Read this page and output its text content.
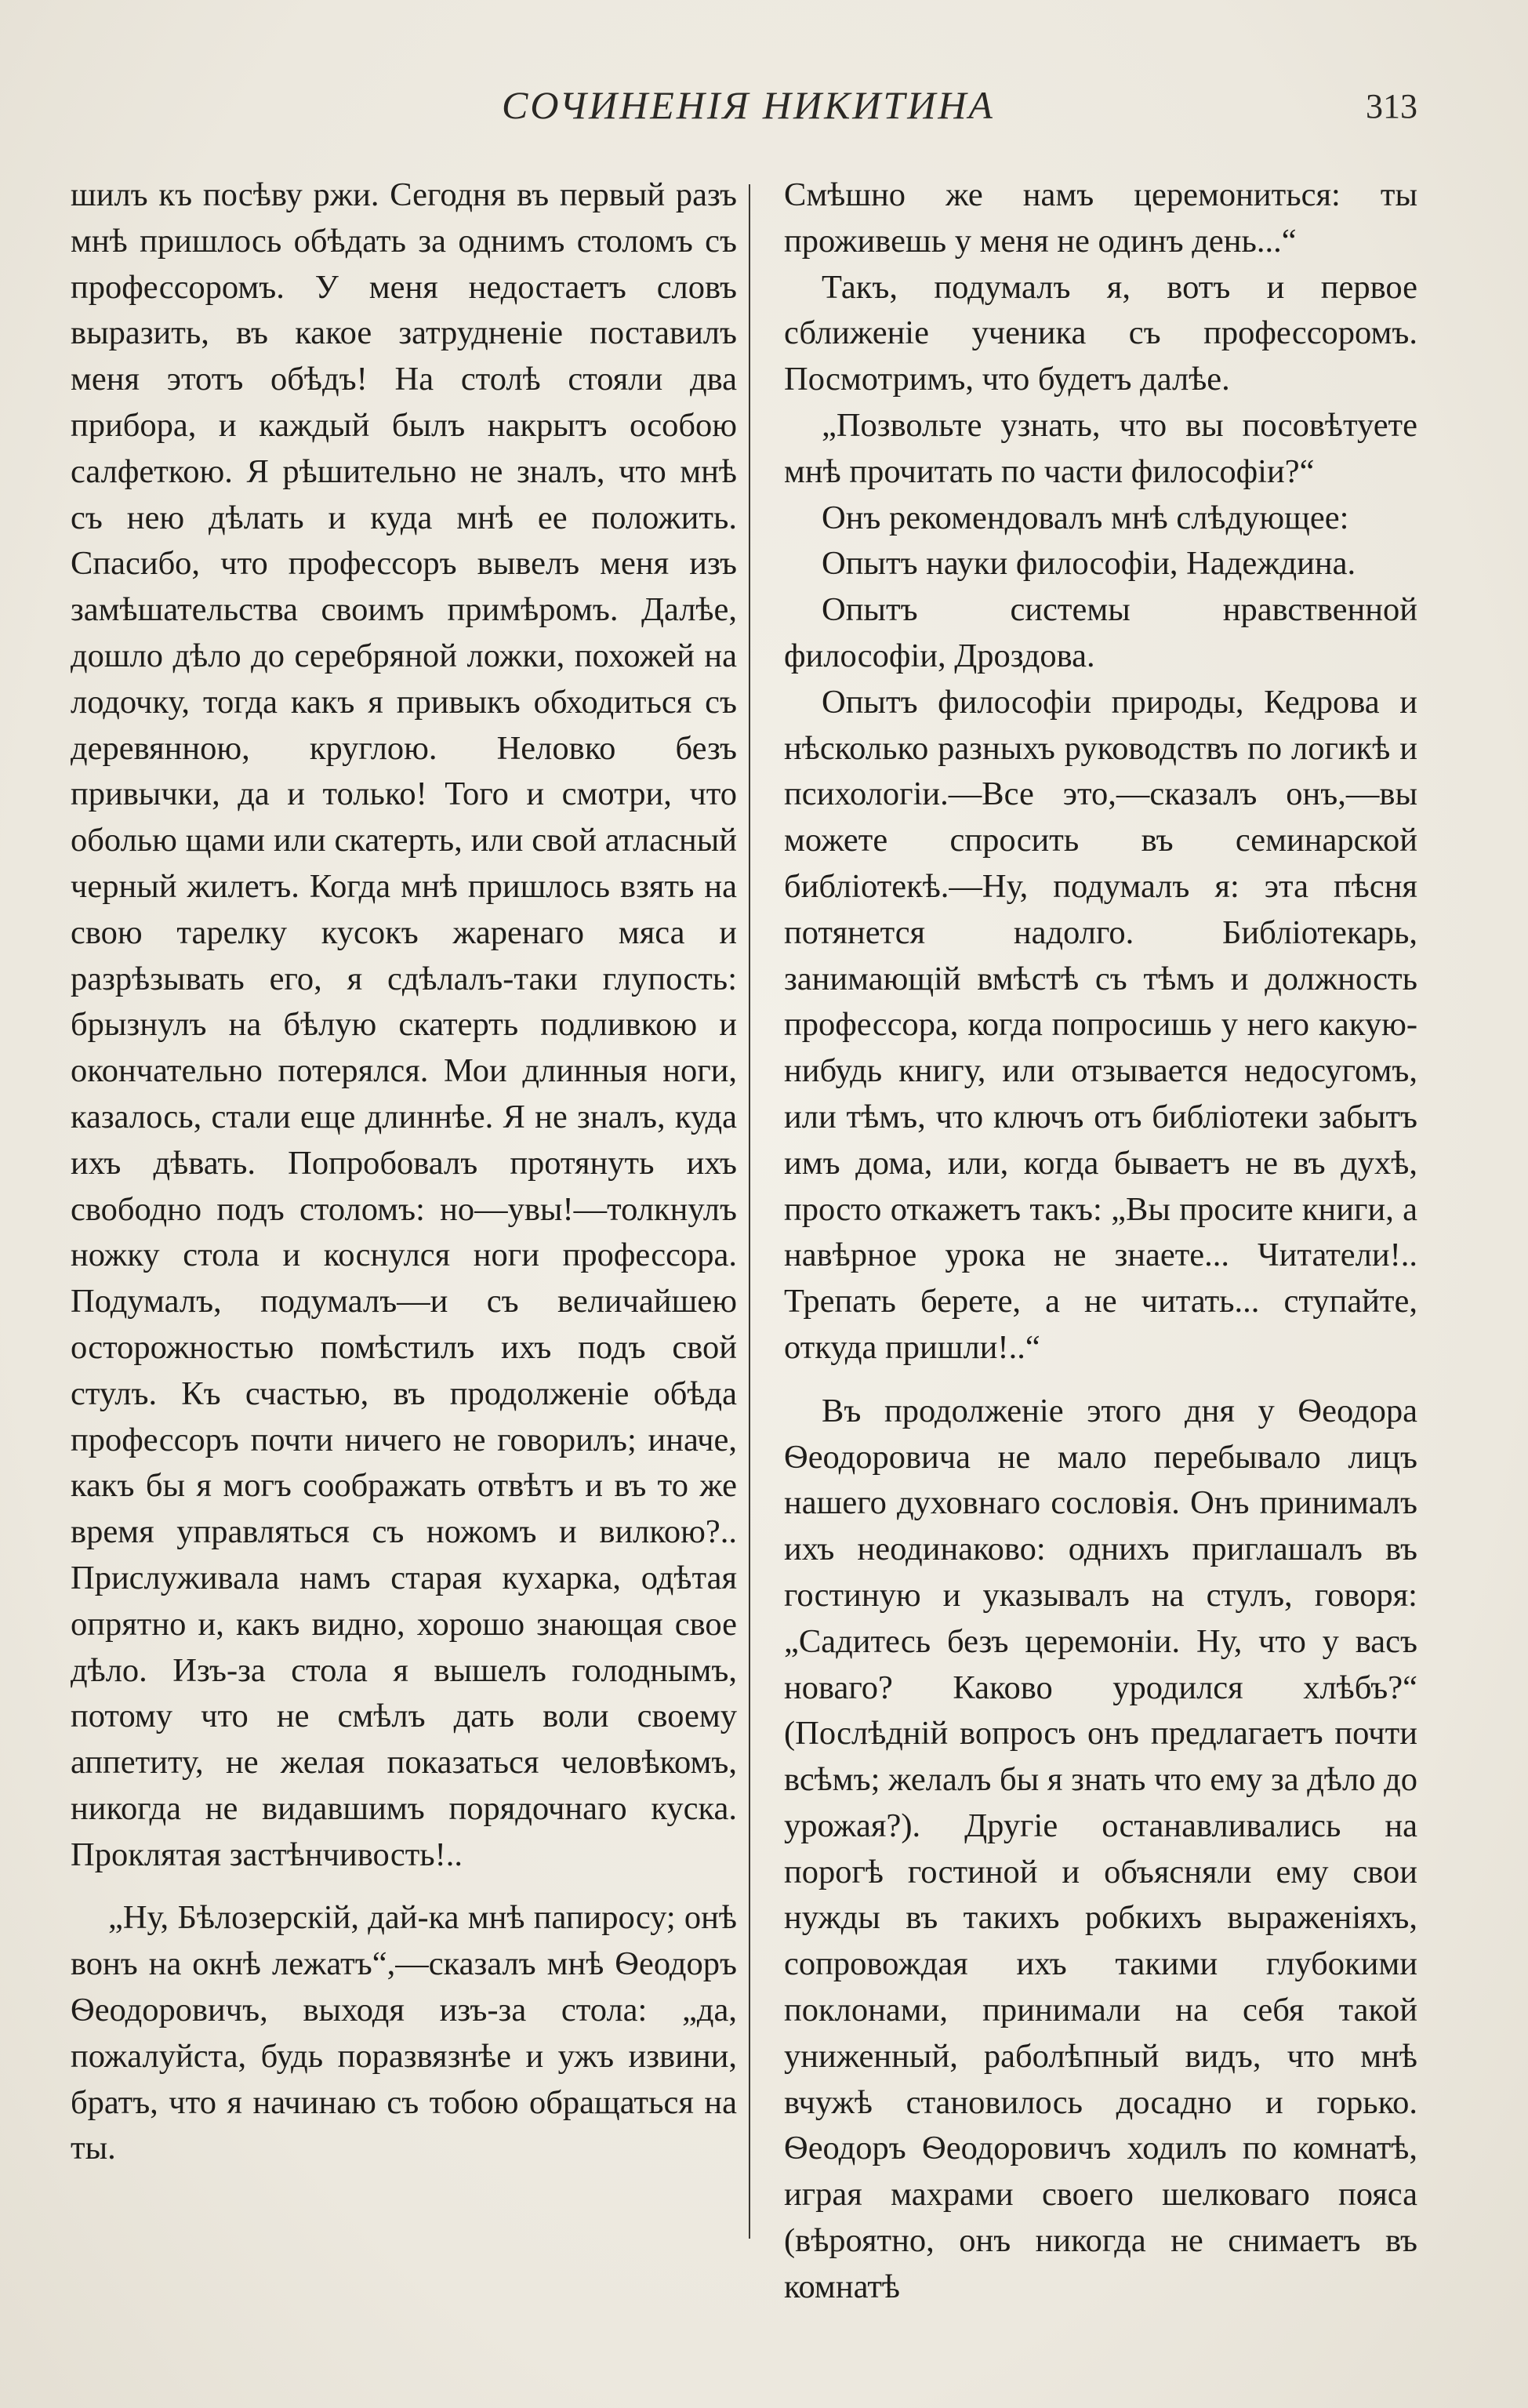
СОЧИНЕНІЯ НИКИТИНА	313

шилъ къ посѣву ржи. Сегодня въ первый разъ мнѣ пришлось обѣдать за однимъ столомъ съ профессоромъ. У меня недостаетъ словъ выразить, въ какое затрудненіе поставилъ меня этотъ обѣдъ! На столѣ стояли два прибора, и каждый былъ накрытъ особою салфеткою. Я рѣшительно не зналъ, что мнѣ съ нею дѣлать и куда мнѣ ее положить. Спасибо, что профессоръ вывелъ меня изъ замѣшательства своимъ примѣромъ. Далѣе, дошло дѣло до серебряной ложки, похожей на лодочку, тогда какъ я привыкъ обходиться съ деревянною, круглою. Неловко безъ привычки, да и только! Того и смотри, что оболью щами или скатерть, или свой атласный черный жилетъ. Когда мнѣ пришлось взять на свою тарелку кусокъ жаренаго мяса и разрѣзывать его, я сдѣлалъ-таки глупость: брызнулъ на бѣлую скатерть подливкою и окончательно потерялся. Мои длинныя ноги, казалось, стали еще длиннѣе. Я не зналъ, куда ихъ дѣвать. Попробовалъ протянуть ихъ свободно подъ столомъ: но—увы!—толкнулъ ножку стола и коснулся ноги профессора. Подумалъ, подумалъ—и съ величайшею осторожностью помѣстилъ ихъ подъ свой стулъ. Къ счастью, въ продолженіе обѣда профессоръ почти ничего не говорилъ; иначе, какъ бы я могъ соображать отвѣтъ и въ то же время управляться съ ножомъ и вилкою?.. Прислуживала намъ старая кухарка, одѣтая опрятно и, какъ видно, хорошо знающая свое дѣло. Изъ-за стола я вышелъ голоднымъ, потому что не смѣлъ дать воли своему аппетиту, не желая показаться человѣкомъ, никогда не видавшимъ порядочнаго куска. Проклятая застѣнчивость!..

„Ну, Бѣлозерскій, дай-ка мнѣ папиросу; онѣ вонъ на окнѣ лежатъ“,—сказалъ мнѣ Ѳеодоръ Ѳеодоровичъ, выходя изъ-за стола: „да, пожалуйста, будь поразвязнѣе и ужъ извини, братъ, что я начинаю съ тобою обращаться на ты.

Смѣшно же намъ церемониться: ты проживешь у меня не одинъ день...“

Такъ, подумалъ я, вотъ и первое сближеніе ученика съ профессоромъ. Посмотримъ, что будетъ далѣе.

„Позвольте узнать, что вы посовѣтуете мнѣ прочитать по части философіи?“

Онъ рекомендовалъ мнѣ слѣдующее:

Опытъ науки философіи, Надеждина.

Опытъ системы нравственной философіи, Дроздова.

Опытъ философіи природы, Кедрова и нѣсколько разныхъ руководствъ по логикѣ и психологіи.—Все это,—сказалъ онъ,—вы можете спросить въ семинарской библіотекѣ.—Ну, подумалъ я: эта пѣсня потянется надолго. Библіотекарь, занимающій вмѣстѣ съ тѣмъ и должность профессора, когда попросишь у него какую-нибудь книгу, или отзывается недосугомъ, или тѣмъ, что ключъ отъ библіотеки забытъ имъ дома, или, когда бываетъ не въ духѣ, просто откажетъ такъ: „Вы просите книги, а навѣрное урока не знаете... Читатели!.. Трепать берете, а не читать... ступайте, откуда пришли!..“

Въ продолженіе этого дня у Ѳеодора Ѳеодоровича не мало перебывало лицъ нашего духовнаго сословія. Онъ принималъ ихъ неодинаково: однихъ приглашалъ въ гостиную и указывалъ на стулъ, говоря: „Садитесь безъ церемоніи. Ну, что у васъ новаго? Каково уродился хлѣбъ?“ (Послѣдній вопросъ онъ предлагаетъ почти всѣмъ; желалъ бы я знать что ему за дѣло до урожая?). Другіе останавливались на порогѣ гостиной и объясняли ему свои нужды въ такихъ робкихъ выраженіяхъ, сопровождая ихъ такими глубокими поклонами, принимали на себя такой униженный, раболѣпный видъ, что мнѣ вчужѣ становилось досадно и горько. Ѳеодоръ Ѳеодоровичъ ходилъ по комнатѣ, играя махрами своего шелковаго пояса (вѣроятно, онъ никогда не снимаетъ въ комнатѣ
